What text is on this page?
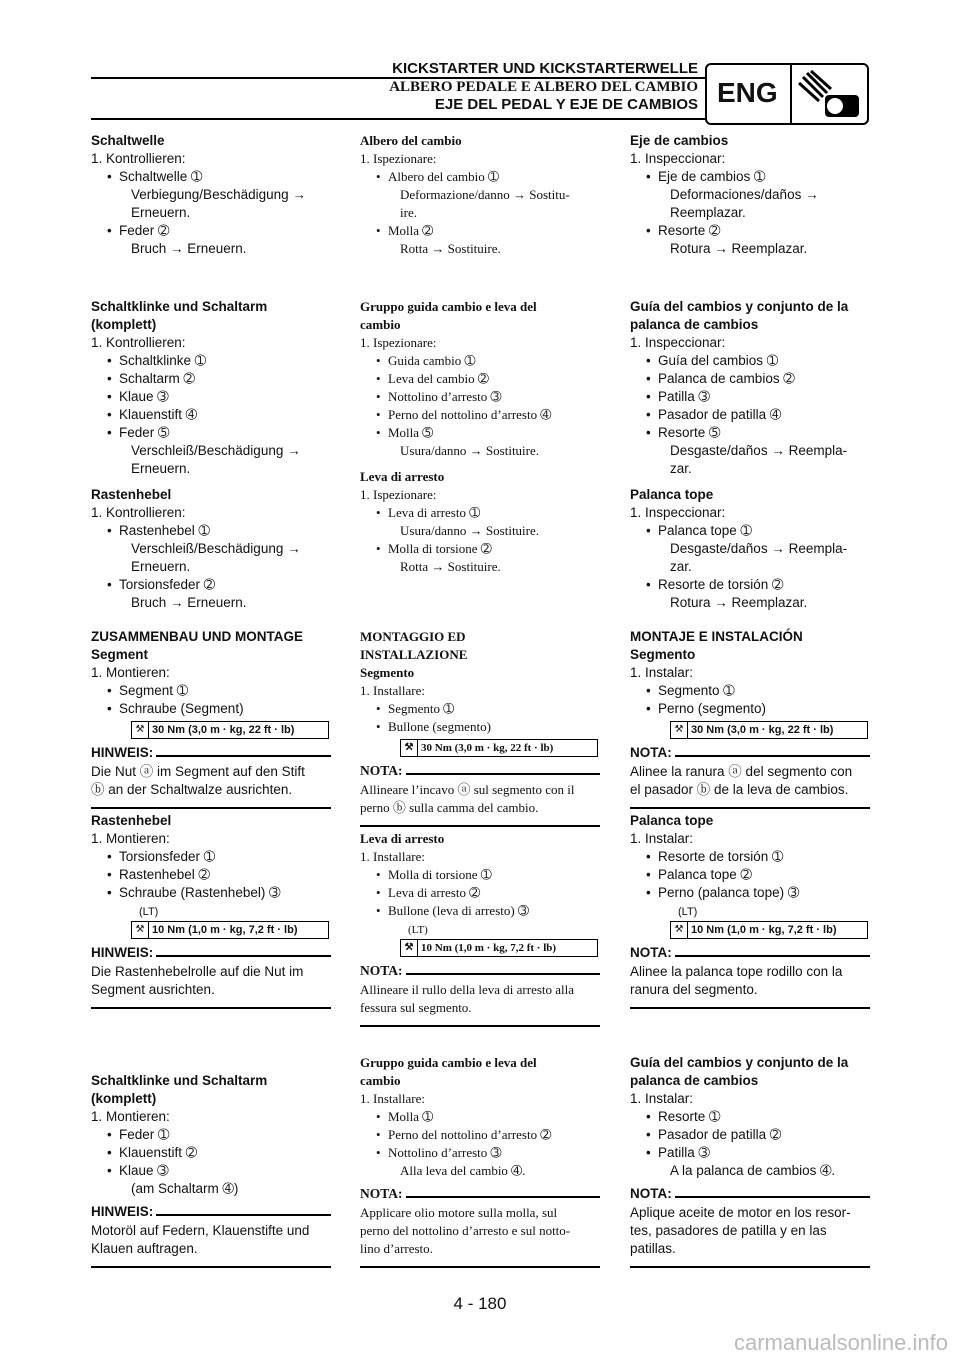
KICKSTARTER UND KICKSTARTERWELLE
ALBERO PEDALE E ALBERO DEL CAMBIO
EJE DEL PEDAL Y EJE DE CAMBIOS ENG
Schaltwelle
1. Kontrollieren:
• Schaltwelle ➀
Verbiegung/Beschädigung →
Erneuern.
• Feder ➁
Bruch → Erneuern.
Schaltklinke und Schaltarm
(komplett)
1. Kontrollieren:
• Schaltklinke ➀
• Schaltarm ➁
• Klaue ➂
• Klauenstift ➃
• Feder ➄
Verschleiß/Beschädigung →
Erneuern.
Rastenhebel
1. Kontrollieren:
• Rastenhebel ➀
Verschleiß/Beschädigung →
Erneuern.
• Torsionsfeder ➁
Bruch → Erneuern.
ZUSAMMENBAU UND MONTAGE
Segment
1. Montieren:
• Segment ➀
• Schraube (Segment)
⚒ 30 Nm (3,0 m · kg, 22 ft · lb)
HINWEIS:
Die Nut ⓐ im Segment auf den Stift
ⓑ an der Schaltwalze ausrichten.
Rastenhebel
1. Montieren:
• Torsionsfeder ➀
• Rastenhebel ➁
• Schraube (Rastenhebel) ➂
(LT)
⚒ 10 Nm (1,0 m · kg, 7,2 ft · lb)
HINWEIS:
Die Rastenhebelrolle auf die Nut im
Segment ausrichten.
Schaltklinke und Schaltarm
(komplett)
1. Montieren:
• Feder ➀
• Klauenstift ➁
• Klaue ➂
(am Schaltarm ➃)
HINWEIS:
Motoröl auf Federn, Klauenstifte und
Klauen auftragen.
Albero del cambio
1. Ispezionare:
• Albero del cambio ➀
Deformazione/danno → Sostitu-
ire.
• Molla ➁
Rotta → Sostituire.
Gruppo guida cambio e leva del
cambio
1. Ispezionare:
• Guida cambio ➀
• Leva del cambio ➁
• Nottolino d’arresto ➂
• Perno del nottolino d’arresto ➃
• Molla ➄
Usura/danno → Sostituire.
Leva di arresto
1. Ispezionare:
• Leva di arresto ➀
Usura/danno → Sostituire.
• Molla di torsione ➁
Rotta → Sostituire.
MONTAGGIO ED
INSTALLAZIONE
Segmento
1. Installare:
• Segmento ➀
• Bullone (segmento)
⚒ 30 Nm (3,0 m · kg, 22 ft · lb)
NOTA:
Allineare l’incavo ⓐ sul segmento con il
perno ⓑ sulla camma del cambio.
Leva di arresto
1. Installare:
• Molla di torsione ➀
• Leva di arresto ➁
• Bullone (leva di arresto) ➂
(LT)
⚒ 10 Nm (1,0 m · kg, 7,2 ft · lb)
NOTA:
Allineare il rullo della leva di arresto alla
fessura sul segmento.
Gruppo guida cambio e leva del
cambio
1. Installare:
• Molla ➀
• Perno del nottolino d’arresto ➁
• Nottolino d’arresto ➂
Alla leva del cambio ➃.
NOTA:
Applicare olio motore sulla molla, sul
perno del nottolino d’arresto e sul notto-
lino d’arresto.
Eje de cambios
1. Inspeccionar:
• Eje de cambios ➀
Deformaciones/daños →
Reemplazar.
• Resorte ➁
Rotura → Reemplazar.
Guía del cambios y conjunto de la
palanca de cambios
1. Inspeccionar:
• Guía del cambios ➀
• Palanca de cambios ➁
• Patilla ➂
• Pasador de patilla ➃
• Resorte ➄
Desgaste/daños → Reempla-
zar.
Palanca tope
1. Inspeccionar:
• Palanca tope ➀
Desgaste/daños → Reempla-
zar.
• Resorte de torsión ➁
Rotura → Reemplazar.
MONTAJE E INSTALACIÓN
Segmento
1. Instalar:
• Segmento ➀
• Perno (segmento)
⚒ 30 Nm (3,0 m · kg, 22 ft · lb)
NOTA:
Alinee la ranura ⓐ del segmento con
el pasador ⓑ de la leva de cambios.
Palanca tope
1. Instalar:
• Resorte de torsión ➀
• Palanca tope ➁
• Perno (palanca tope) ➂
(LT)
⚒ 10 Nm (1,0 m · kg, 7,2 ft · lb)
NOTA:
Alinee la palanca tope rodillo con la
ranura del segmento.
Guía del cambios y conjunto de la
palanca de cambios
1. Instalar:
• Resorte ➀
• Pasador de patilla ➁
• Patilla ➂
A la palanca de cambios ➃.
NOTA:
Aplique aceite de motor en los resor-
tes, pasadores de patilla y en las
patillas.
4 - 180
carmanualsonline.info
